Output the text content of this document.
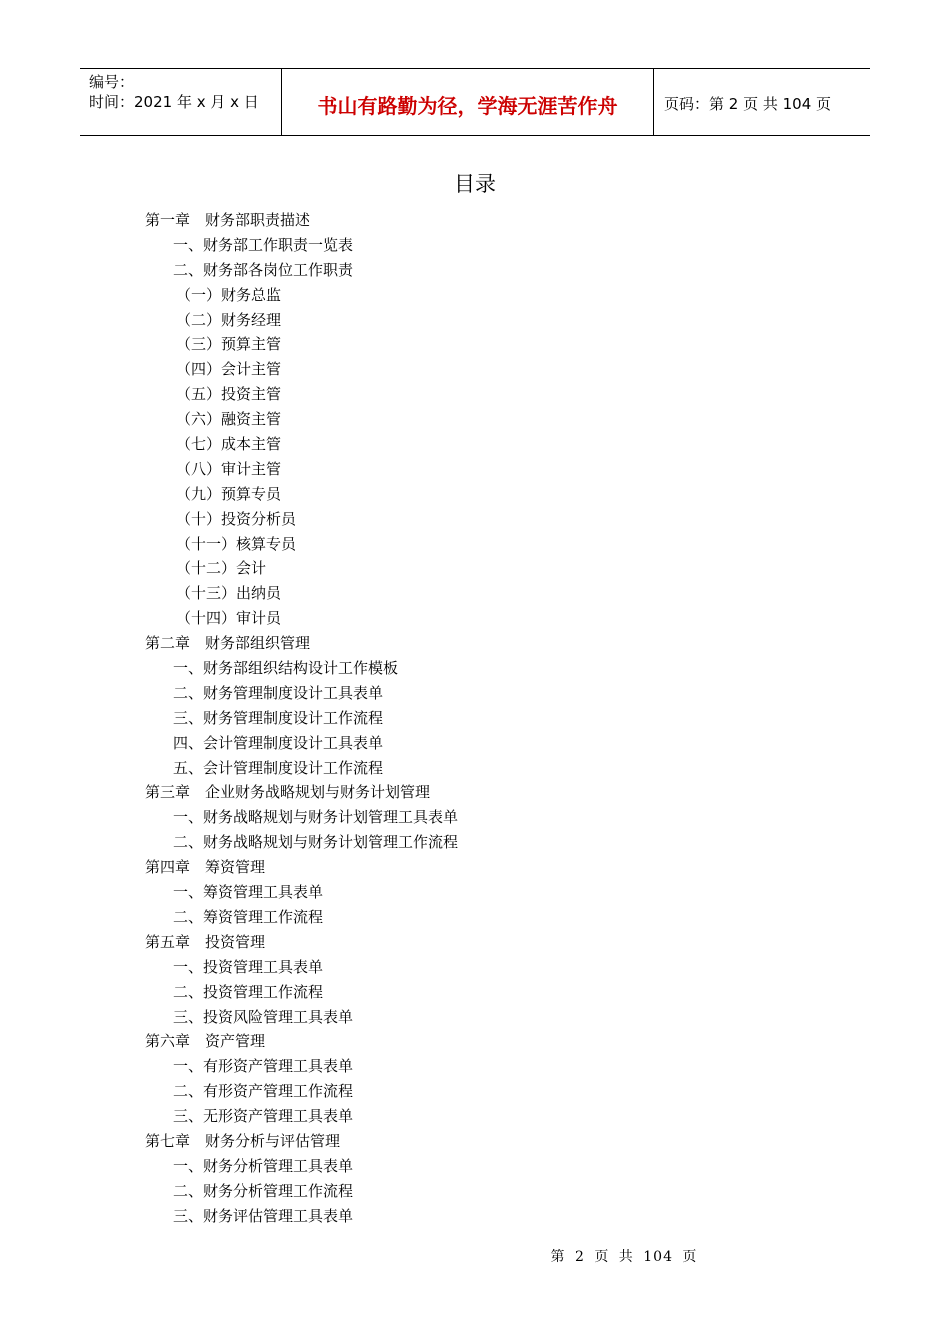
编号：
时间：2021 年 x 月 x 日	书山有路勤为径，学海无涯苦作舟	页码：第 2 页 共 104 页
目录
第一章　财务部职责描述
一、财务部工作职责一览表
二、财务部各岗位工作职责
（一）财务总监
（二）财务经理
（三）预算主管
（四）会计主管
（五）投资主管
（六）融资主管
（七）成本主管
（八）审计主管
（九）预算专员
（十）投资分析员
（十一）核算专员
（十二）会计
（十三）出纳员
（十四）审计员
第二章　财务部组织管理
一、财务部组织结构设计工作模板
二、财务管理制度设计工具表单
三、财务管理制度设计工作流程
四、会计管理制度设计工具表单
五、会计管理制度设计工作流程
第三章　企业财务战略规划与财务计划管理
一、财务战略规划与财务计划管理工具表单
二、财务战略规划与财务计划管理工作流程
第四章　筹资管理
一、筹资管理工具表单
二、筹资管理工作流程
第五章　投资管理
一、投资管理工具表单
二、投资管理工作流程
三、投资风险管理工具表单
第六章　资产管理
一、有形资产管理工具表单
二、有形资产管理工作流程
三、无形资产管理工具表单
第七章　财务分析与评估管理
一、财务分析管理工具表单
二、财务分析管理工作流程
三、财务评估管理工具表单
第 2 页 共 104 页
